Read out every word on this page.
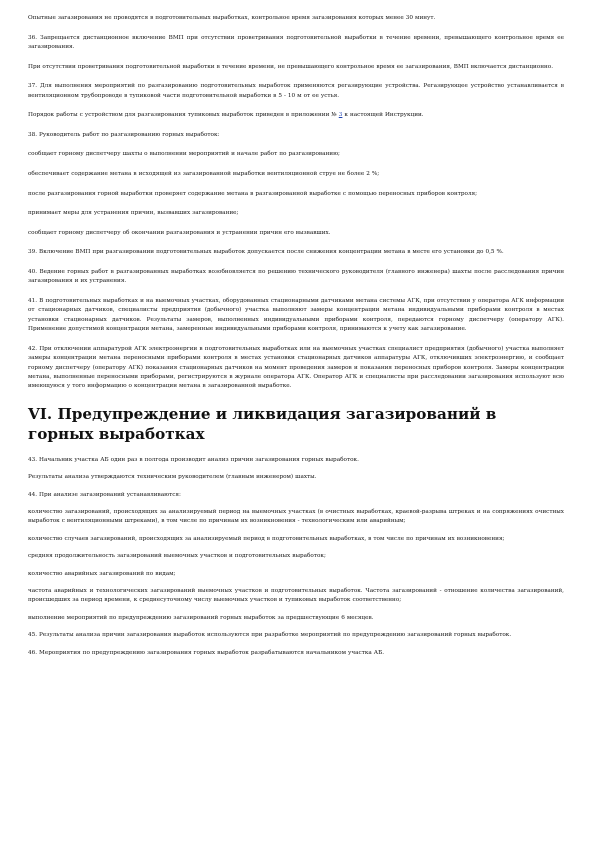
Опытные загазирования не проводятся в подготовительных выработках, контрольное время загазирования которых менее 30 минут.

36. Запрещается дистанционное включение ВМП при отсутствии проветривания подготовительной выработки в течение времени, превышающего контрольное время ее загазирования.

При отсутствии проветривания подготовительной выработки в течение времени, не превышающего контрольное время ее загазирования, ВМП включается дистанционно.

37. Для выполнения мероприятий по разгазированию подготовительных выработок применяются регазирующие устройства. Регазирующее устройство устанавливается в вентиляционном трубопроводе в тупиковой части подготовительной выработки в 5 - 10 м от ее устья.

Порядок работы с устройством для разгазирования тупиковых выработок приведен в приложении № 3 к настоящей Инструкции.

38. Руководитель работ по разгазированию горных выработок:

сообщает горному диспетчеру шахты о выполнении мероприятий и начале работ по разгазированию;

обеспечивает содержание метана в исходящей из загазированной выработки вентиляционной струе не более 2 %;

после разгазирования горной выработки проверяет содержание метана в разгазированной выработке с помощью переносных приборов контроля;

принимает меры для устранения причин, вызвавших загазирование;

сообщает горному диспетчеру об окончании разгазирования и устранении причин его вызвавших.

39. Включение ВМП при разгазировании подготовительных выработок допускается после снижения концентрации метана в месте его установки до 0,5 %.

40. Ведение горных работ в разгазированных выработках возобновляется по решению технического руководителя (главного инженера) шахты после расследования причин загазирования и их устранения.

41. В подготовительных выработках и на выемочных участках, оборудованных стационарными датчиками метана системы АГК, при отсутствии у оператора АГК информации от стационарных датчиков, специалисты предприятия (добычного) участка выполняют замеры концентрации метана индивидуальными приборами контроля в местах установки стационарных датчиков. Результаты замеров, выполненных индивидуальными приборами контроля, передаются горному диспетчеру (оператору АГК). Применение допустимой концентрации метана, замеренные индивидуальными приборами контроля, принимаются к учету как загазирование.

42. При отключении аппаратурой АГК электроэнергии в подготовительных выработках или на выемочных участках специалист предприятия (добычного) участка выполняет замеры концентрации метана переносными приборами контроля в местах установки стационарных датчиков аппаратуры АГК, отключивших электроэнергию, и сообщает горному диспетчеру (оператору АГК) показания стационарных датчиков на момент проведения замеров и показания переносных приборов контроля. Замеры концентрации метана, выполненные переносными приборами, регистрируются в журнале оператора АГК. Оператор АГК и специалисты при расследовании загазирования используют всю имеющуюся у того информацию о концентрации метана в загазированной выработке.

VI. Предупреждение и ликвидация загазирований в горных выработках

43. Начальник участка АБ один раз в полгода производит анализ причин загазирования горных выработок.

Результаты анализа утверждаются техническим руководителем (главным инженером) шахты.

44. При анализе загазирований устанавливаются:

количество загазирований, происходящих за анализируемый период на выемочных участках (в очистных выработках, краевой-разрыва штреках и на сопряжениях очистных выработок с вентиляционными штреками), в том числе по причинам их возникновения - технологическим или аварийным;

количество случаев загазирований, происходящих за анализируемый период в подготовительных выработках, в том числе по причинам их возникновения;

средняя продолжительность загазирований выемочных участков и подготовительных выработок;

количество аварийных загазирований по видам;

частота аварийных и технологических загазирований выемочных участков и подготовительных выработок. Частота загазирований - отношение количества загазирований, происшедших за период времени, к среднесуточному числу выемочных участков и тупиковых выработок соответственно;

выполнение мероприятий по предупреждению загазирований горных выработок за предшествующие 6 месяцев.

45. Результаты анализа причин загазирования выработок используются при разработке мероприятий по предупреждению загазирований горных выработок.

46. Мероприятия по предупреждению загазирования горных выработок разрабатываются начальником участка АБ.
